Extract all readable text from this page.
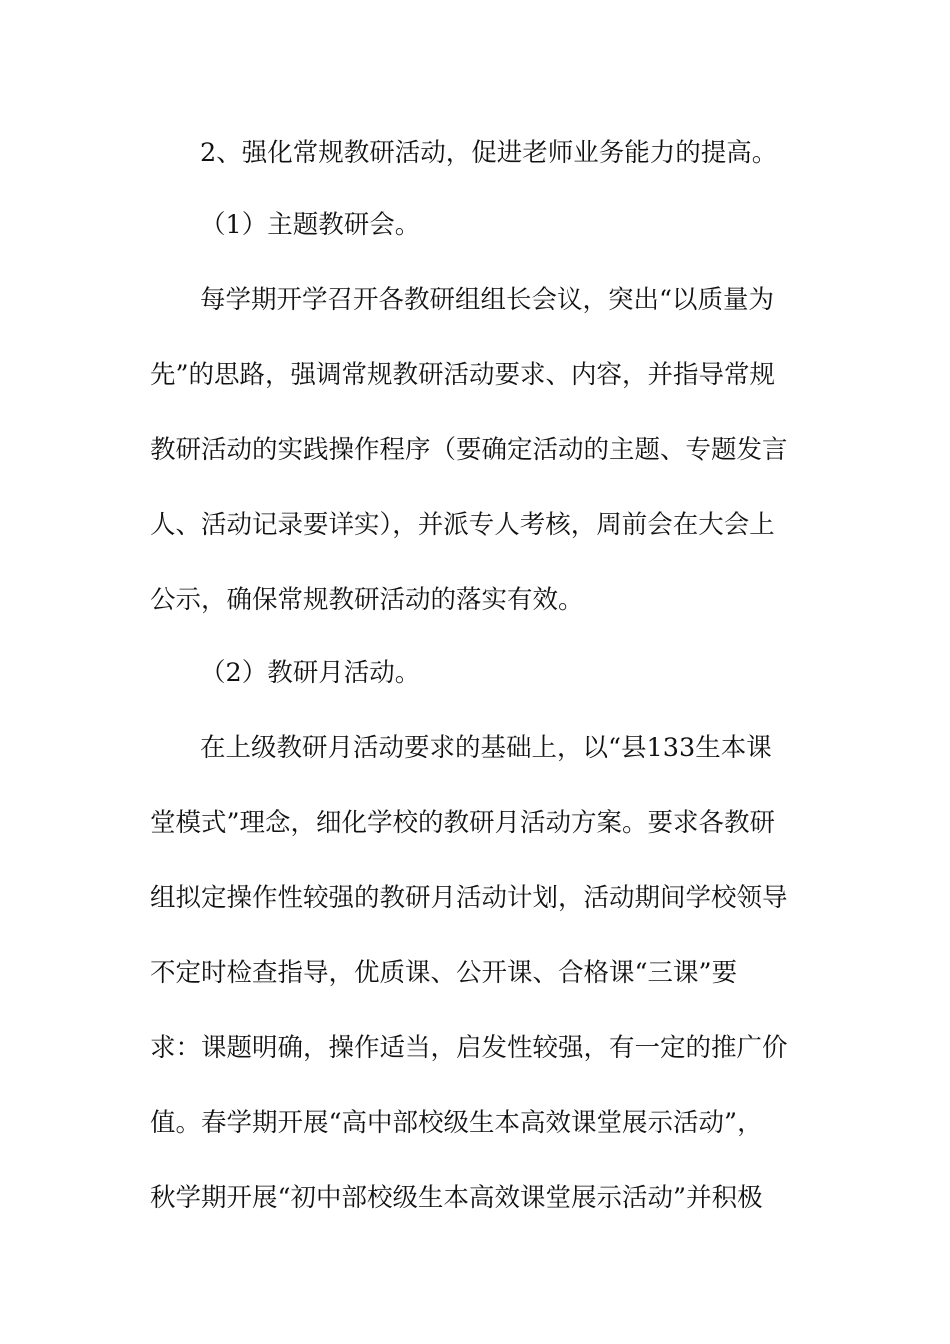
2、强化常规教研活动，促进老师业务能力的提高。
（1）主题教研会。
每学期开学召开各教研组组长会议，突出“以质量为
先”的思路，强调常规教研活动要求、内容，并指导常规
教研活动的实践操作程序（要确定活动的主题、专题发言
人、活动记录要详实），并派专人考核，周前会在大会上
公示，确保常规教研活动的落实有效。
（2）教研月活动。
在上级教研月活动要求的基础上，以“县133生本课
堂模式”理念，细化学校的教研月活动方案。要求各教研
组拟定操作性较强的教研月活动计划，活动期间学校领导
不定时检查指导，优质课、公开课、合格课“三课”要
求：课题明确，操作适当，启发性较强，有一定的推广价
值。春学期开展“高中部校级生本高效课堂展示活动”，
秋学期开展“初中部校级生本高效课堂展示活动”并积极
